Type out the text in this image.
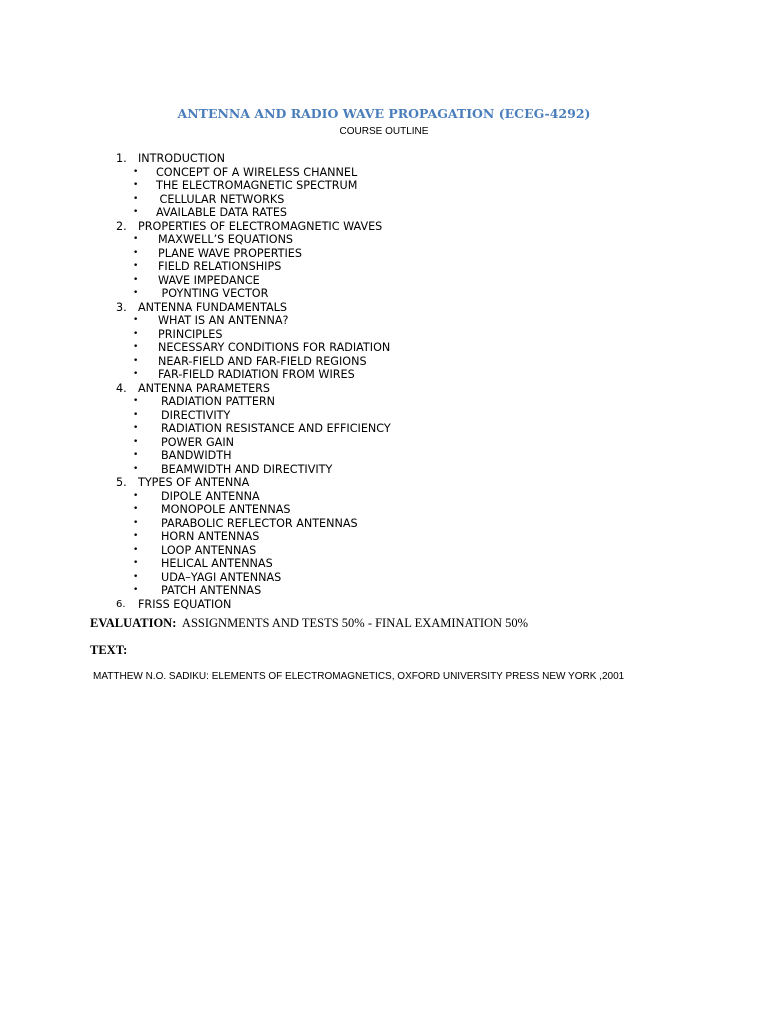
ANTENNA AND RADIO WAVE PROPAGATION (ECEG-4292)
COURSE OUTLINE
1. INTRODUCTION
• CONCEPT OF A WIRELESS CHANNEL
• THE ELECTROMAGNETIC SPECTRUM
• CELLULAR NETWORKS
• AVAILABLE DATA RATES
2. PROPERTIES OF ELECTROMAGNETIC WAVES
• MAXWELL’S EQUATIONS
• PLANE WAVE PROPERTIES
• FIELD RELATIONSHIPS
• WAVE IMPEDANCE
• POYNTING VECTOR
3. ANTENNA FUNDAMENTALS
• WHAT IS AN ANTENNA?
• PRINCIPLES
• NECESSARY CONDITIONS FOR RADIATION
• NEAR-FIELD AND FAR-FIELD REGIONS
• FAR-FIELD RADIATION FROM WIRES
4. ANTENNA PARAMETERS
• RADIATION PATTERN
• DIRECTIVITY
• RADIATION RESISTANCE AND EFFICIENCY
• POWER GAIN
• BANDWIDTH
• BEAMWIDTH AND DIRECTIVITY
5. TYPES OF ANTENNA
• DIPOLE ANTENNA
• MONOPOLE ANTENNAS
• PARABOLIC REFLECTOR ANTENNAS
• HORN ANTENNAS
• LOOP ANTENNAS
• HELICAL ANTENNAS
• UDA–YAGI ANTENNAS
• PATCH ANTENNAS
6. FRISS EQUATION
EVALUATION:  ASSIGNMENTS AND TESTS 50% - FINAL EXAMINATION 50%
TEXT:
MATTHEW N.O. SADIKU: ELEMENTS OF ELECTROMAGNETICS, OXFORD UNIVERSITY PRESS NEW YORK ,2001
